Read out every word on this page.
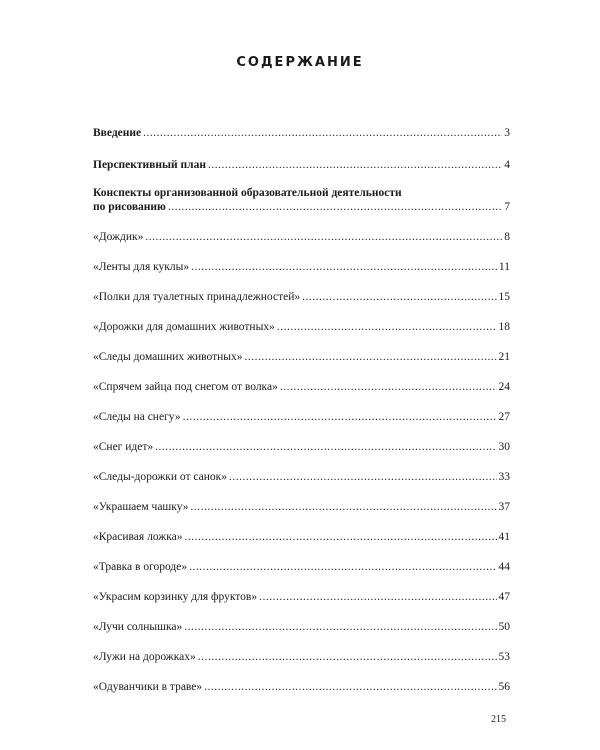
СОДЕРЖАНИЕ
Введение .....	3
Перспективный план .....	4
Конспекты организованной образовательной деятельности
по рисованию .....	7
«Дождик» .....	8
«Ленты для куклы» .....	11
«Полки для туалетных принадлежностей» .....	15
«Дорожки для домашних животных» .....	18
«Следы домашних животных» .....	21
«Спрячем зайца под снегом от волка» .....	24
«Следы на снегу» .....	27
«Снег идет» .....	30
«Следы-дорожки от санок» .....	33
«Украшаем чашку» .....	37
«Красивая ложка» .....	41
«Травка в огороде» .....	44
«Украсим корзинку для фруктов» .....	47
«Лучи солнышка» .....	50
«Лужи на дорожках» .....	53
«Одуванчики в траве» .....	56
215
